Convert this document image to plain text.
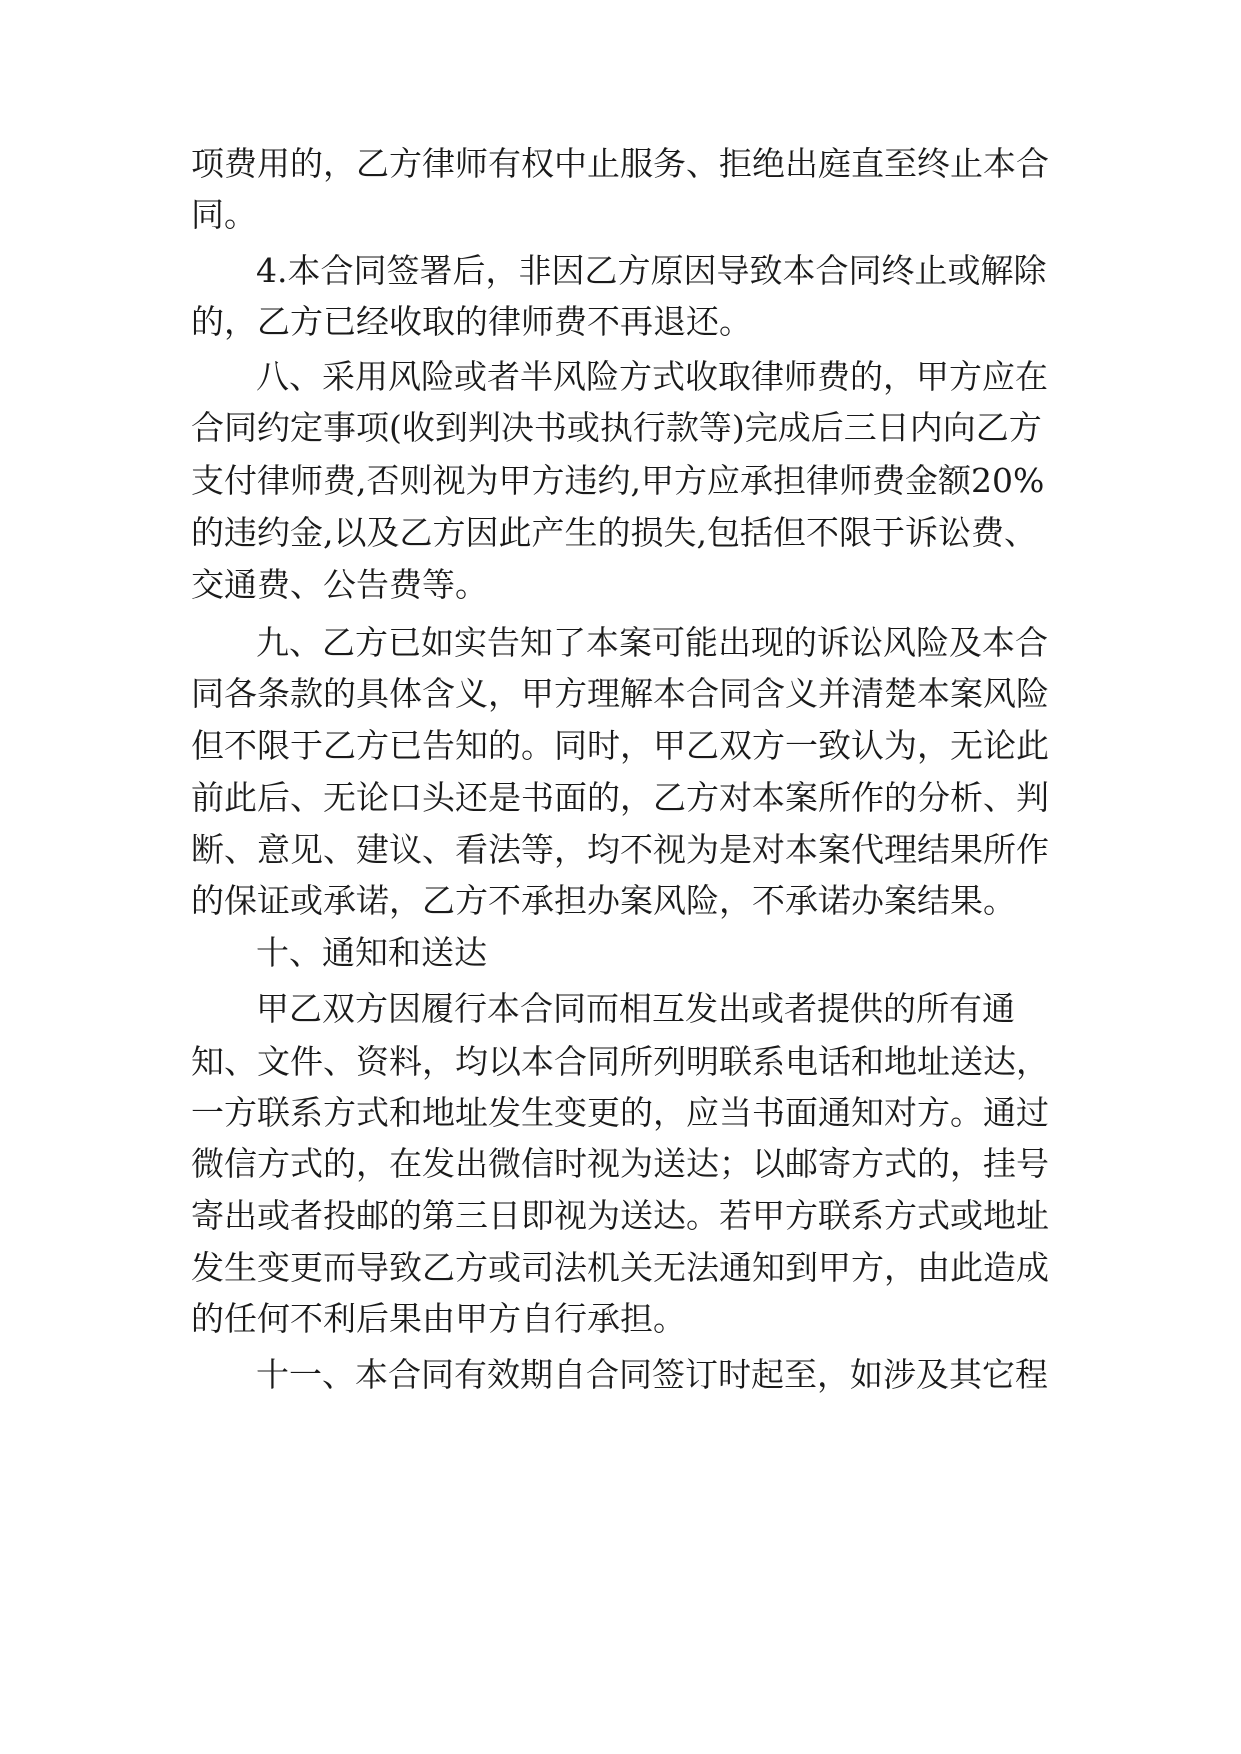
项费用的，乙方律师有权中止服务、拒绝出庭直至终止本合
同。
4.本合同签署后，非因乙方原因导致本合同终止或解除
的，乙方已经收取的律师费不再退还。
八、采用风险或者半风险方式收取律师费的，甲方应在
合同约定事项(收到判决书或执行款等)完成后三日内向乙方
支付律师费,否则视为甲方违约,甲方应承担律师费金额20%
的违约金,以及乙方因此产生的损失,包括但不限于诉讼费、
交通费、公告费等。
九、乙方已如实告知了本案可能出现的诉讼风险及本合
同各条款的具体含义，甲方理解本合同含义并清楚本案风险
但不限于乙方已告知的。同时，甲乙双方一致认为，无论此
前此后、无论口头还是书面的，乙方对本案所作的分析、判
断、意见、建议、看法等，均不视为是对本案代理结果所作
的保证或承诺，乙方不承担办案风险，不承诺办案结果。
十、通知和送达
甲乙双方因履行本合同而相互发出或者提供的所有通
知、文件、资料，均以本合同所列明联系电话和地址送达，
一方联系方式和地址发生变更的，应当书面通知对方。通过
微信方式的，在发出微信时视为送达；以邮寄方式的，挂号
寄出或者投邮的第三日即视为送达。若甲方联系方式或地址
发生变更而导致乙方或司法机关无法通知到甲方，由此造成
的任何不利后果由甲方自行承担。
十一、本合同有效期自合同签订时起至，如涉及其它程
